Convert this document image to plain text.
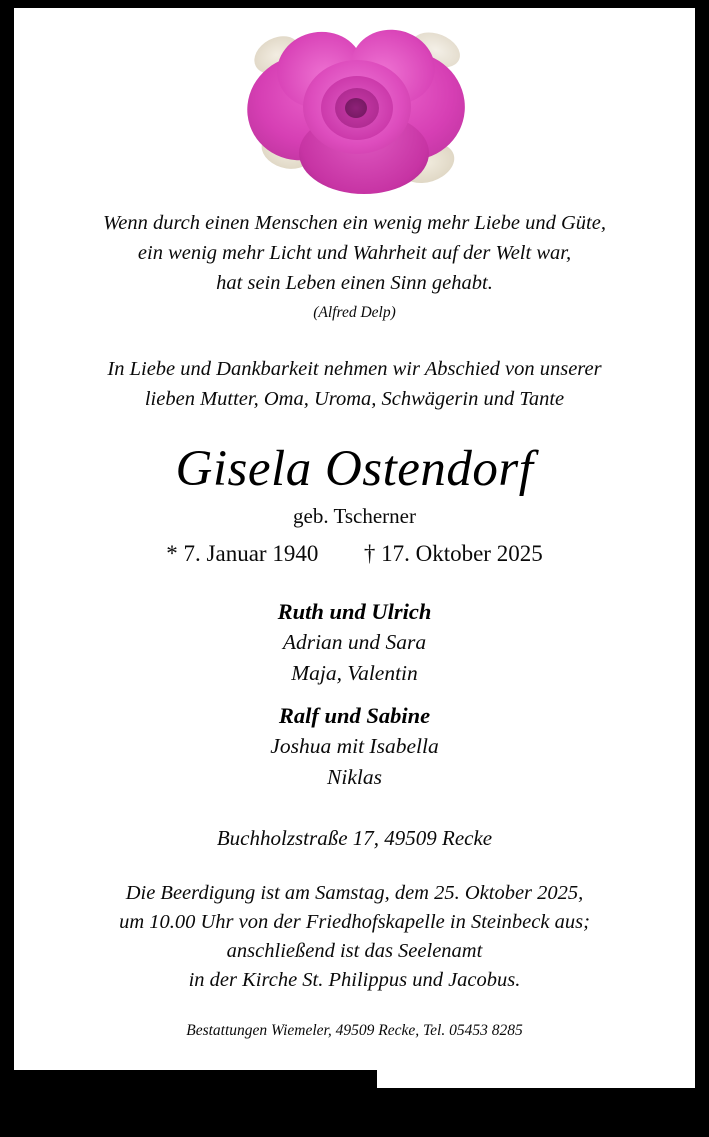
Wenn durch einen Menschen ein wenig mehr Liebe und Güte,
ein wenig mehr Licht und Wahrheit auf der Welt war,
hat sein Leben einen Sinn gehabt.
(Alfred Delp)
In Liebe und Dankbarkeit nehmen wir Abschied von unserer
lieben Mutter, Oma, Uroma, Schwägerin und Tante
Gisela Ostendorf
geb. Tscherner
* 7. Januar 1940 † 17. Oktober 2025
Ruth und Ulrich
Adrian und Sara
Maja, Valentin
Ralf und Sabine
Joshua mit Isabella
Niklas
Buchholzstraße 17, 49509 Recke
Die Beerdigung ist am Samstag, dem 25. Oktober 2025,
um 10.00 Uhr von der Friedhofskapelle in Steinbeck aus;
anschließend ist das Seelenamt
in der Kirche St. Philippus und Jacobus.
Bestattungen Wiemeler, 49509 Recke, Tel. 05453 8285
